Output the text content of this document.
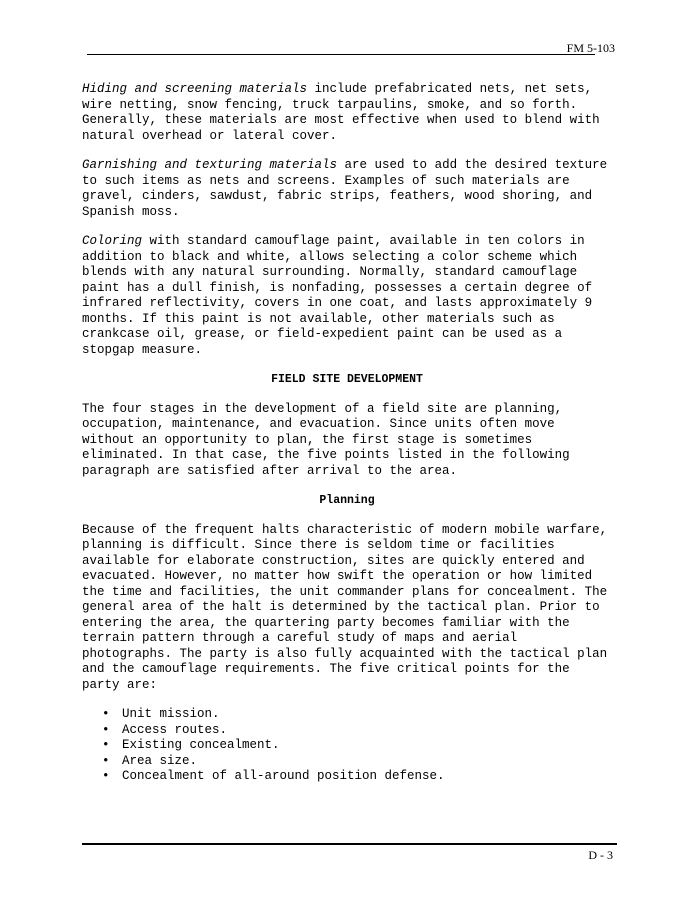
FM 5-103

Hiding and screening materials include prefabricated nets, net sets, wire netting, snow fencing, truck tarpaulins, smoke, and so forth. Generally, these materials are most effective when used to blend with natural overhead or lateral cover.

Garnishing and texturing materials are used to add the desired texture to such items as nets and screens. Examples of such materials are gravel, cinders, sawdust, fabric strips, feathers, wood shoring, and Spanish moss.

Coloring with standard camouflage paint, available in ten colors in addition to black and white, allows selecting a color scheme which blends with any natural surrounding. Normally, standard camouflage paint has a dull finish, is nonfading, possesses a certain degree of infrared reflectivity, covers in one coat, and lasts approximately 9 months. If this paint is not available, other materials such as crankcase oil, grease, or field-expedient paint can be used as a stopgap measure.

FIELD SITE DEVELOPMENT

The four stages in the development of a field site are planning, occupation, maintenance, and evacuation. Since units often move without an opportunity to plan, the first stage is sometimes eliminated. In that case, the five points listed in the following paragraph are satisfied after arrival to the area.

Planning

Because of the frequent halts characteristic of modern mobile warfare, planning is difficult. Since there is seldom time or facilities available for elaborate construction, sites are quickly entered and evacuated. However, no matter how swift the operation or how limited the time and facilities, the unit commander plans for concealment. The general area of the halt is determined by the tactical plan. Prior to entering the area, the quartering party becomes familiar with the terrain pattern through a careful study of maps and aerial photographs. The party is also fully acquainted with the tactical plan and the camouflage requirements. The five critical points for the party are:

• Unit mission.
• Access routes.
• Existing concealment.
• Area size.
• Concealment of all-around position defense.
D - 3
